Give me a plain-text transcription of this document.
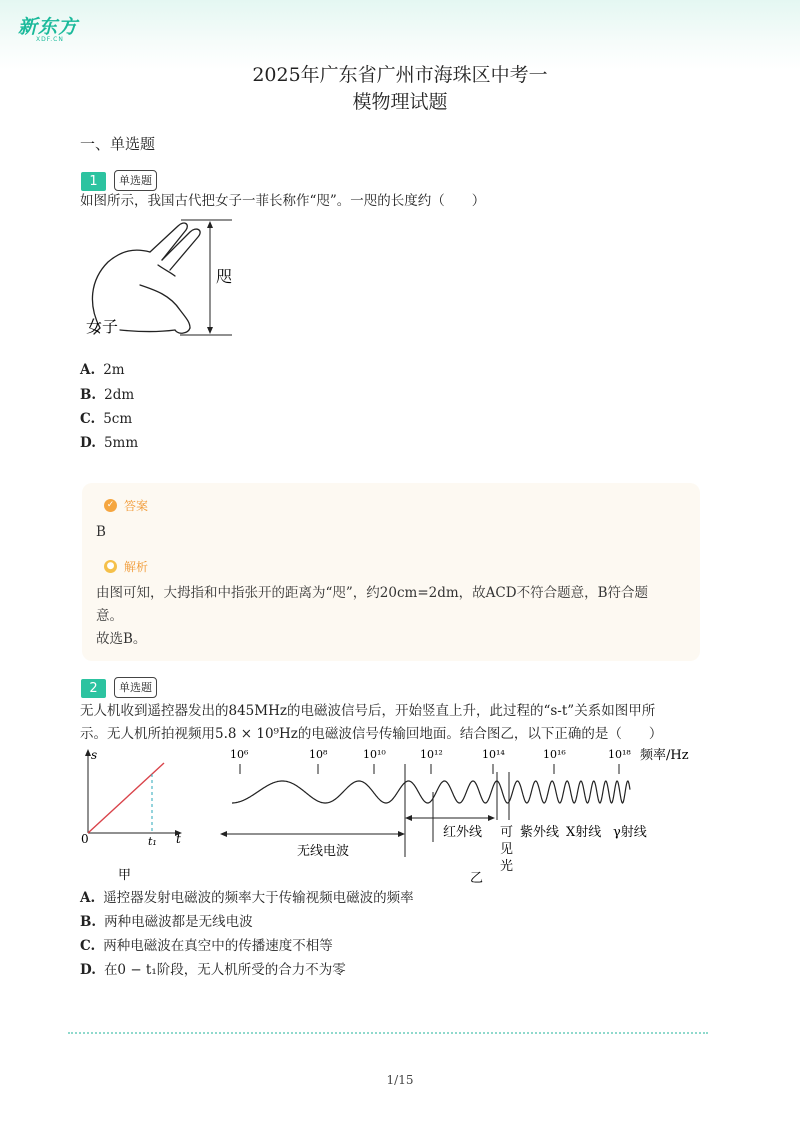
新东方
XDF.CN
2025年广东省广州市海珠区中考一
模物理试题
一、单选题
1	单选题
如图所示，我国古代把女子一菲长称作“咫”。一咫的长度约（　　）
咫
女子
A. 2m
B. 2dm
C. 5cm
D. 5mm
✓ 答案
B
● 解析
由图可知，大拇指和中指张开的距离为“咫”，约20cm=2dm，故ACD不符合题意，B符合题
意。
故选B。
2	单选题
无人机收到遥控器发出的845MHz的电磁波信号后，开始竖直上升，此过程的“s-t”关系如图甲所
示。无人机所拍视频用5.8 × 10⁹Hz的电磁波信号传输回地面。结合图乙，以下正确的是（　　）
s
t
0	t₁
甲
10⁶	10⁸	10¹⁰	10¹²	10¹⁴	10¹⁶	10¹⁸ 频率/Hz
无线电波
红外线 可
见
光
紫外线 X射线 γ射线
乙
A. 遥控器发射电磁波的频率大于传输视频电磁波的频率
B. 两种电磁波都是无线电波
C. 两种电磁波在真空中的传播速度不相等
D. 在0 − t₁阶段，无人机所受的合力不为零
1/15
